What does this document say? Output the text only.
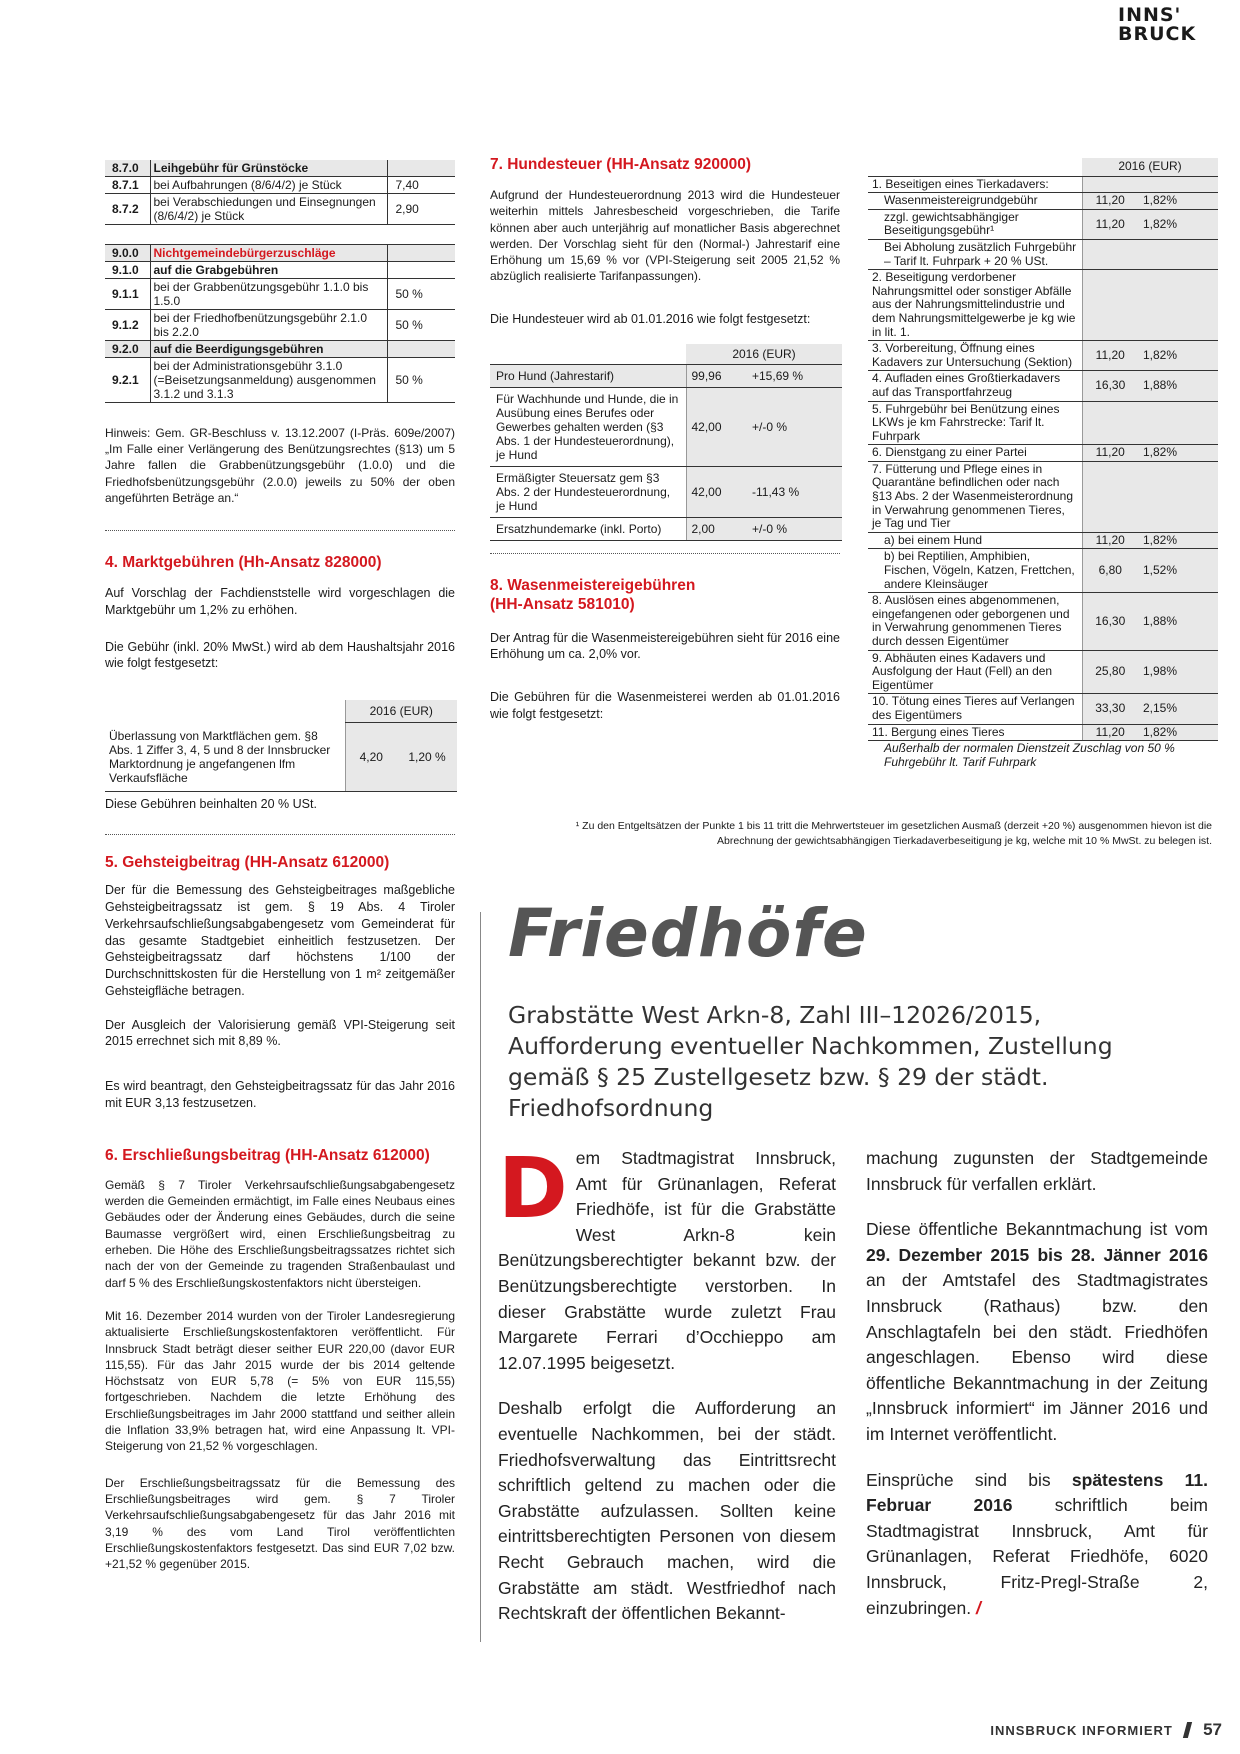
INNS'
BRUCK
8.7.0	Leihgebühr für Grünstöcke	
8.7.1	bei Aufbahrungen (8/6/4/2) je Stück	7,40
8.7.2	bei Verabschiedungen und Einsegnungen (8/6/4/2) je Stück	2,90

9.0.0	Nichtgemeindebürgerzuschläge	
9.1.0	auf die Grabgebühren	
9.1.1	bei der Grabbenützungsgebühr 1.1.0 bis 1.5.0	50 %
9.1.2	bei der Friedhofbenützungsgebühr 2.1.0 bis 2.2.0	50 %
9.2.0	auf die Beerdigungsgebühren	
9.2.1	bei der Administrationsgebühr 3.1.0 (=Beisetzungsanmeldung) ausgenommen 3.1.2 und 3.1.3	50 %
Hinweis: Gem. GR-Beschluss v. 13.12.2007 (I-Präs. 609e/2007) „Im Falle einer Verlängerung des Benützungsrechtes (§13) um 5 Jahre fallen die Grabbenützungsgebühr (1.0.0) und die Friedhofsbenützungsgebühr (2.0.0) jeweils zu 50% der oben angeführten Beträge an.“
4. Marktgebühren (Hh-Ansatz 828000)
Auf Vorschlag der Fachdienststelle wird vorgeschlagen die Marktgebühr um 1,2% zu erhöhen.
Die Gebühr (inkl. 20% MwSt.) wird ab dem Haushaltsjahr 2016 wie folgt festgesetzt:
	2016 (EUR)	
Überlassung von Marktflächen gem. §8 Abs. 1 Ziffer 3, 4, 5 und 8 der Innsbrucker Marktordnung je angefangenen lfm Verkaufsfläche	4,20	1,20 %
Diese Gebühren beinhalten 20 % USt.
5. Gehsteigbeitrag (HH-Ansatz 612000)
Der für die Bemessung des Gehsteigbeitrages maßgebliche Gehsteigbeitragssatz ist gem. § 19 Abs. 4 Tiroler Verkehrsaufschließungsabgabengesetz vom Gemeinderat für das gesamte Stadtgebiet einheitlich festzusetzen. Der Gehsteigbeitragssatz darf höchstens 1/100 der Durchschnittskosten für die Herstellung von 1 m² zeitgemäßer Gehsteigfläche betragen.
Der Ausgleich der Valorisierung gemäß VPI-Steigerung seit 2015 errechnet sich mit 8,89 %.
Es wird beantragt, den Gehsteigbeitragssatz für das Jahr 2016 mit EUR 3,13 festzusetzen.
6. Erschließungsbeitrag (HH-Ansatz 612000)
Gemäß § 7 Tiroler Verkehrsaufschließungsabgabengesetz werden die Gemeinden ermächtigt, im Falle eines Neubaus eines Gebäudes oder der Änderung eines Gebäudes, durch die seine Baumasse vergrößert wird, einen Erschließungsbeitrag zu erheben. Die Höhe des Erschließungsbeitragssatzes richtet sich nach der von der Gemeinde zu tragenden Straßenbaulast und darf 5 % des Erschließungskostenfaktors nicht übersteigen.
Mit 16. Dezember 2014 wurden von der Tiroler Landesregierung aktualisierte Erschließungskostenfaktoren veröffentlicht. Für Innsbruck Stadt beträgt dieser seither EUR 220,00 (davor EUR 115,55). Für das Jahr 2015 wurde der bis 2014 geltende Höchstsatz von EUR 5,78 (= 5% von EUR 115,55) fortgeschrieben. Nachdem die letzte Erhöhung des Erschließungsbeitrages im Jahr 2000 stattfand und seither allein die Inflation 33,9% betragen hat, wird eine Anpassung lt. VPI-Steigerung von 21,52 % vorgeschlagen.
Der Erschließungsbeitragssatz für die Bemessung des Erschließungsbeitrages wird gem. § 7 Tiroler Verkehrsaufschließungsabgabengesetz für das Jahr 2016 mit 3,19 % des vom Land Tirol veröffentlichten Erschließungskostenfaktors festgesetzt. Das sind EUR 7,02 bzw. +21,52 % gegenüber 2015.
7. Hundesteuer (HH-Ansatz 920000)
Aufgrund der Hundesteuerordnung 2013 wird die Hundesteuer weiterhin mittels Jahresbescheid vorgeschrieben, die Tarife können aber auch unterjährig auf monatlicher Basis abgerechnet werden. Der Vorschlag sieht für den (Normal-) Jahrestarif eine Erhöhung um 15,69 % vor (VPI-Steigerung seit 2005 21,52 % abzüglich realisierte Tarifanpassungen).
Die Hundesteuer wird ab 01.01.2016 wie folgt festgesetzt:
	2016 (EUR)	
Pro Hund (Jahrestarif)	99,96	+15,69 %
Für Wachhunde und Hunde, die in Ausübung eines Berufes oder Gewerbes gehalten werden (§3 Abs. 1 der Hundesteuerordnung), je Hund	42,00	+/-0 %
Ermäßigter Steuersatz gem §3 Abs. 2 der Hundesteuerordnung, je Hund	42,00	-11,43 %
Ersatzhundemarke (inkl. Porto)	2,00	+/-0 %
8. Wasenmeistereigebühren
(HH-Ansatz 581010)
Der Antrag für die Wasenmeistereigebühren sieht für 2016 eine Erhöhung um ca. 2,0% vor.
Die Gebühren für die Wasenmeisterei werden ab 01.01.2016 wie folgt festgesetzt:
	2016 (EUR)	
1. Beseitigen eines Tierkadavers:		
Wasenmeistereigrundgebühr	11,20	1,82%
zzgl. gewichtsabhängiger Beseitigungsgebühr¹	11,20	1,82%
Bei Abholung zusätzlich Fuhrgebühr – Tarif lt. Fuhrpark + 20 % USt.		
2. Beseitigung verdorbener Nahrungsmittel oder sonstiger Abfälle aus der Nahrungsmittelindustrie und dem Nahrungsmittelgewerbe je kg wie in lit. 1.		
3. Vorbereitung, Öffnung eines Kadavers zur Untersuchung (Sektion)	11,20	1,82%
4. Aufladen eines Großtierkadavers auf das Transportfahrzeug	16,30	1,88%
5. Fuhrgebühr bei Benützung eines LKWs je km Fahrstrecke: Tarif lt. Fuhrpark		
6. Dienstgang zu einer Partei	11,20	1,82%
7. Fütterung und Pflege eines in Quarantäne befindlichen oder nach §13 Abs. 2 der Wasenmeisterordnung in Verwahrung genommenen Tieres, je Tag und Tier		
a) bei einem Hund	11,20	1,82%
b) bei Reptilien, Amphibien, Fischen, Vögeln, Katzen, Frettchen, andere Kleinsäuger	6,80	1,52%
8. Auslösen eines abgenommenen, eingefangenen oder geborgenen und in Verwahrung genommenen Tieres durch dessen Eigentümer	16,30	1,88%
9. Abhäuten eines Kadavers und Ausfolgung der Haut (Fell) an den Eigentümer	25,80	1,98%
10. Tötung eines Tieres auf Verlangen des Eigentümers	33,30	2,15%
11. Bergung eines Tieres	11,20	1,82%
Außerhalb der normalen Dienstzeit Zuschlag von 50 % Fuhrgebühr lt. Tarif Fuhrpark		
¹ Zu den Entgeltsätzen der Punkte 1 bis 11 tritt die Mehrwertsteuer im gesetzlichen Ausmaß (derzeit +20 %) ausgenommen hievon ist die Abrechnung der gewichtsabhängigen Tierkadaverbeseitigung je kg, welche mit 10 % MwSt. zu belegen ist.
Friedhöfe
Grabstätte West Arkn-8, Zahl III–12026/2015, Aufforderung eventueller Nachkommen, Zustellung gemäß § 25 Zustellgesetz bzw. § 29 der städt. Friedhofsordnung
D em Stadtmagistrat Innsbruck, Amt für Grünanlagen, Referat Friedhöfe, ist für die Grabstätte West Arkn-8 kein Benützungsberechtigter bekannt bzw. der Benützungsberechtigte verstorben. In dieser Grabstätte wurde zuletzt Frau Margarete Ferrari d’Occhieppo am 12.07.1995 beigesetzt.

Deshalb erfolgt die Aufforderung an eventuelle Nachkommen, bei der städt. Friedhofsverwaltung das Eintrittsrecht schriftlich geltend zu machen oder die Grabstätte aufzulassen. Sollten keine eintrittsberechtigten Personen von diesem Recht Gebrauch machen, wird die Grabstätte am städt. Westfriedhof nach Rechtskraft der öffentlichen Bekannt-

machung zugunsten der Stadtgemeinde Innsbruck für verfallen erklärt.

Diese öffentliche Bekanntmachung ist vom 29. Dezember 2015 bis 28. Jänner 2016 an der Amtstafel des Stadtmagistrates Innsbruck (Rathaus) bzw. den Anschlagtafeln bei den städt. Friedhöfen angeschlagen. Ebenso wird diese öffentliche Bekanntmachung in der Zeitung „Innsbruck informiert“ im Jänner 2016 und im Internet veröffentlicht.

Einsprüche sind bis spätestens 11. Februar 2016 schriftlich beim Stadtmagistrat Innsbruck, Amt für Grünanlagen, Referat Friedhöfe, 6020 Innsbruck, Fritz-Pregl-Straße 2, einzubringen. /

INNSBRUCK INFORMIERT 57
